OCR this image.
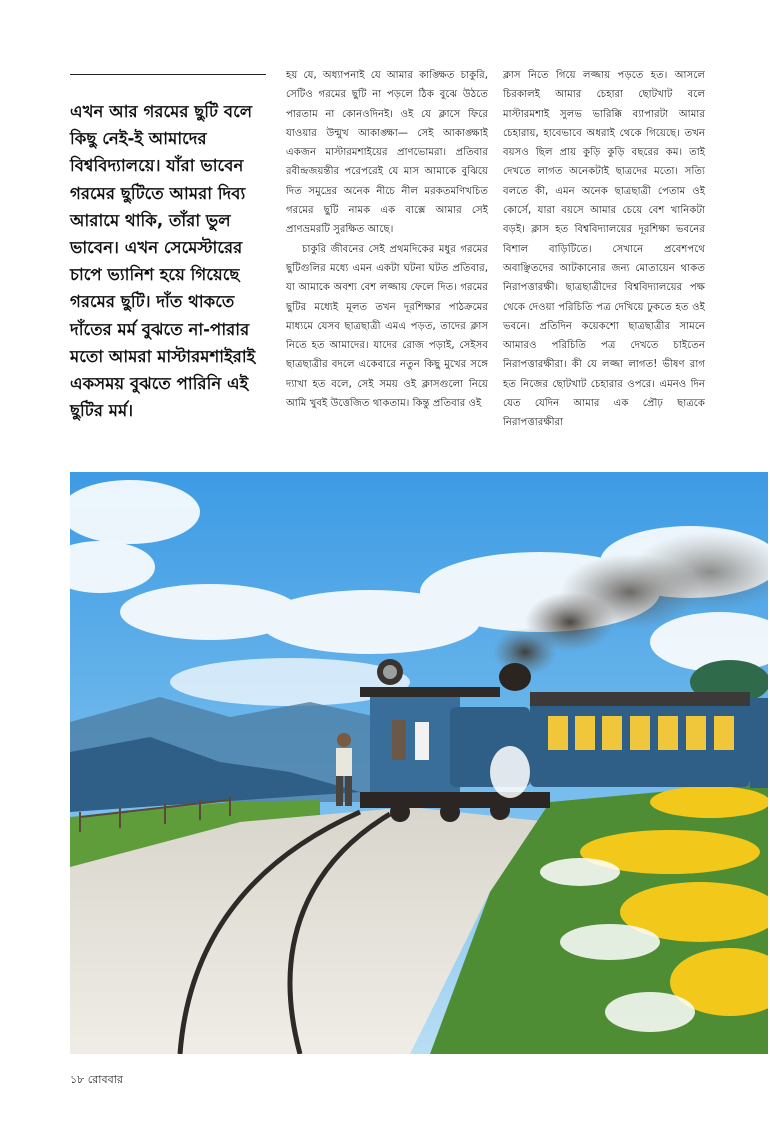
এখন আর গরমের ছুটি বলে কিছু নেই-ই আমাদের বিশ্ববিদ্যালয়ে। যাঁরা ভাবেন গরমের ছুটিতে আমরা দিব্য আরামে থাকি, তাঁরা ভুল ভাবেন। এখন সেমেস্টারের চাপে ভ্যানিশ হয়ে গিয়েছে গরমের ছুটি। দাঁত থাকতে দাঁতের মর্ম বুঝতে না-পারার মতো আমরা মাস্টারমশাইরাই একসময় বুঝতে পারিনি এই ছুটির মর্ম।

হয় যে, অধ্যাপনাই যে আমার কাঙ্ক্ষিত চাকুরি, সেটিও গরমের ছুটি না পড়লে ঠিক বুঝে উঠতে পারতাম না কোনওদিনই। ওই যে ক্লাসে ফিরে যাওয়ার উন্মুখ আকাঙ্ক্ষা— সেই আকাঙ্ক্ষাই একজন মাস্টারমশাইয়ের প্রাণভোমরা। প্রতিবার রবীন্দ্রজয়ন্তীর পরেপরেই যে মাস আমাকে বুঝিয়ে দিত সমুদ্রের অনেক নীচে নীল মরকতমণিখচিত গরমের ছুটি নামক এক বাক্সে আমার সেই প্রাণভ্রমরটি সুরক্ষিত আছে।

চাকুরি জীবনের সেই প্রথমদিকের মধুর গরমের ছুটিগুলির মধ্যে এমন একটা ঘটনা ঘটত প্রতিবার, যা আমাকে অবশ্য বেশ লজ্জায় ফেলে দিত। গরমের ছুটির মধ্যেই মূলত তখন দূরশিক্ষার পাঠক্রমের মাধ্যমে যেসব ছাত্রছাত্রী এমএ পড়ত, তাদের ক্লাস নিতে হত আমাদের। যাদের রোজ পড়াই, সেইসব ছাত্রছাত্রীর বদলে একেবারে নতুন কিছু মুখের সঙ্গে দ্যাখা হত বলে, সেই সময় ওই ক্লাসগুলো নিয়ে আমি খুবই উত্তেজিত থাকতাম। কিন্তু প্রতিবার ওই

ক্লাস নিতে গিয়ে লজ্জায় পড়তে হত। আসলে চিরকালই আমার চেহারা ছোটখাট বলে মাস্টারমশাই সুলভ ভারিক্কি ব্যাপারটা আমার চেহারায়, হাবেভাবে অধরাই থেকে গিয়েছে। তখন বয়সও ছিল প্রায় কুড়ি কুড়ি বছরের কম। তাই দেখতে লাগত অনেকটাই ছাত্রদের মতো। সত্যি বলতে কী, এমন অনেক ছাত্রছাত্রী পেতাম ওই কোর্সে, যারা বয়সে আমার চেয়ে বেশ খানিকটা বড়ই। ক্লাস হত বিশ্ববিদ্যালয়ের দূরশিক্ষা ভবনের বিশাল বাড়িটিতে। সেখানে প্রবেশপথে অবাঞ্ছিতদের আটকানোর জন্য মোতায়েন থাকত নিরাপত্তারক্ষী। ছাত্রছাত্রীদের বিশ্ববিদ্যালয়ের পক্ষ থেকে দেওয়া পরিচিতি পত্র দেখিয়ে ঢুকতে হত ওই ভবনে। প্রতিদিন কয়েকশো ছাত্রছাত্রীর সামনে আমারও পরিচিতি পত্র দেখতে চাইতেন নিরাপত্তারক্ষীরা। কী যে লজ্জা লাগত! ভীষণ রাগ হত নিজের ছোটখাট চেহারার ওপরে। এমনও দিন যেত যেদিন আমার এক প্রৌঢ় ছাত্রকে নিরাপত্তারক্ষীরা

১৮ রোববার
